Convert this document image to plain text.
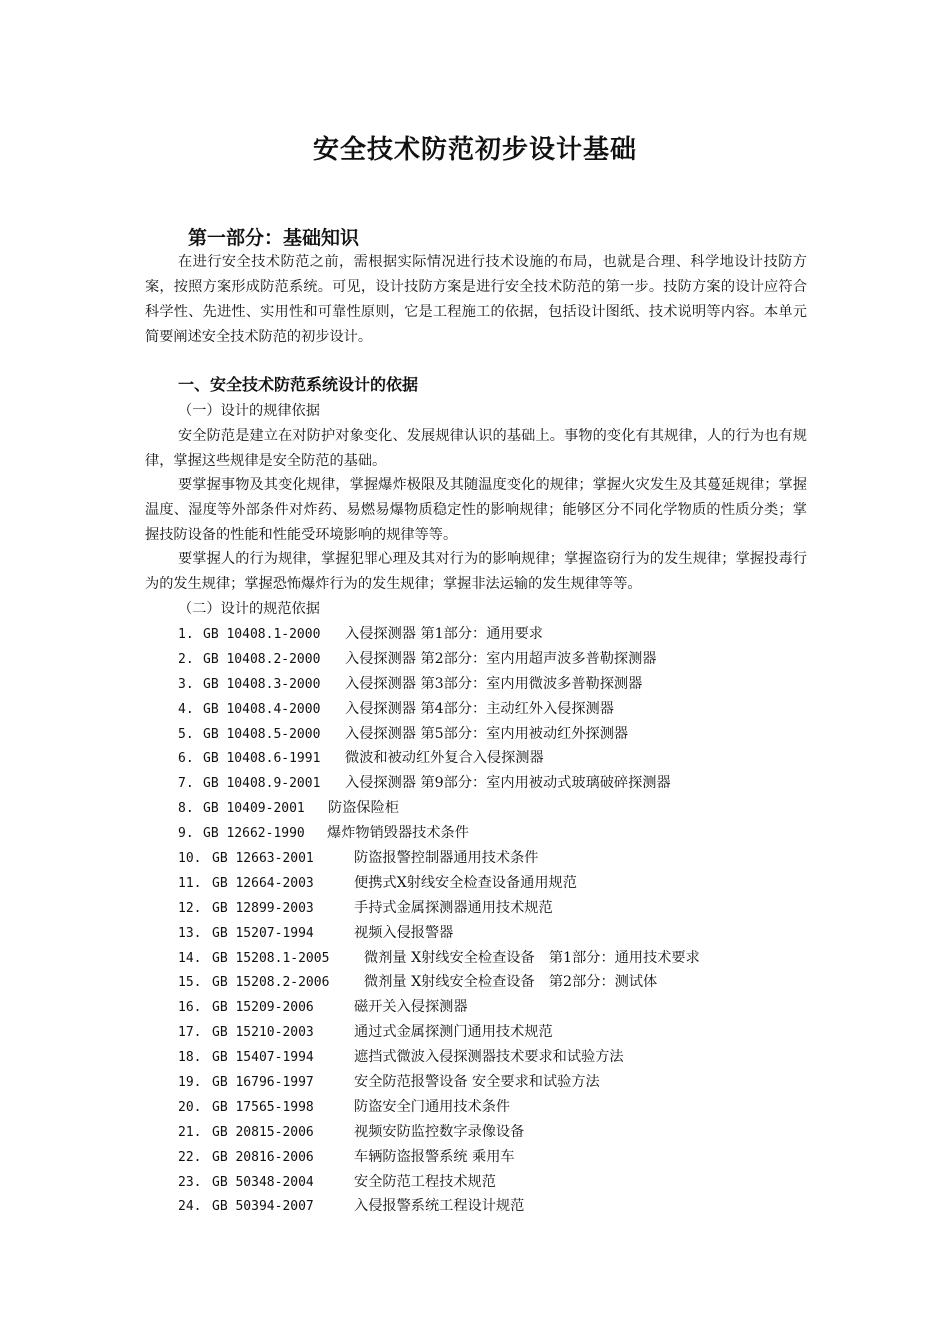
安全技术防范初步设计基础
第一部分：基础知识
在进行安全技术防范之前，需根据实际情况进行技术设施的布局，也就是合理、科学地设计技防方案，按照方案形成防范系统。可见，设计技防方案是进行安全技术防范的第一步。技防方案的设计应符合科学性、先进性、实用性和可靠性原则，它是工程施工的依据，包括设计图纸、技术说明等内容。本单元简要阐述安全技术防范的初步设计。
一、安全技术防范系统设计的依据
（一）设计的规律依据
安全防范是建立在对防护对象变化、发展规律认识的基础上。事物的变化有其规律，人的行为也有规律，掌握这些规律是安全防范的基础。
要掌握事物及其变化规律，掌握爆炸极限及其随温度变化的规律；掌握火灾发生及其蔓延规律；掌握温度、湿度等外部条件对炸药、易燃易爆物质稳定性的影响规律；能够区分不同化学物质的性质分类；掌握技防设备的性能和性能受环境影响的规律等等。
要掌握人的行为规律，掌握犯罪心理及其对行为的影响规律；掌握盗窃行为的发生规律；掌握投毒行为的发生规律；掌握恐怖爆炸行为的发生规律；掌握非法运输的发生规律等等。
（二）设计的规范依据
1. GB 10408.1-2000 入侵探测器 第1部分：通用要求
2. GB 10408.2-2000 入侵探测器 第2部分：室内用超声波多普勒探测器
3. GB 10408.3-2000 入侵探测器 第3部分：室内用微波多普勒探测器
4. GB 10408.4-2000 入侵探测器 第4部分：主动红外入侵探测器
5. GB 10408.5-2000 入侵探测器 第5部分：室内用被动红外探测器
6. GB 10408.6-1991 微波和被动红外复合入侵探测器
7. GB 10408.9-2001 入侵探测器 第9部分：室内用被动式玻璃破碎探测器
8. GB 10409-2001 防盗保险柜
9. GB 12662-1990 爆炸物销毁器技术条件
10. GB 12663-2001	防盗报警控制器通用技术条件
11. GB 12664-2003	便携式X射线安全检查设备通用规范
12. GB 12899-2003	手持式金属探测器通用技术规范
13. GB 15207-1994	视频入侵报警器
14. GB 15208.1-2005 微剂量 X射线安全检查设备　第1部分：通用技术要求
15. GB 15208.2-2006 微剂量 X射线安全检查设备　第2部分：测试体
16. GB 15209-2006	磁开关入侵探测器
17. GB 15210-2003	通过式金属探测门通用技术规范
18. GB 15407-1994	遮挡式微波入侵探测器技术要求和试验方法
19. GB 16796-1997	安全防范报警设备 安全要求和试验方法
20. GB 17565-1998	防盗安全门通用技术条件
21. GB 20815-2006	视频安防监控数字录像设备
22. GB 20816-2006	车辆防盗报警系统 乘用车
23. GB 50348-2004	安全防范工程技术规范
24. GB 50394-2007	入侵报警系统工程设计规范
